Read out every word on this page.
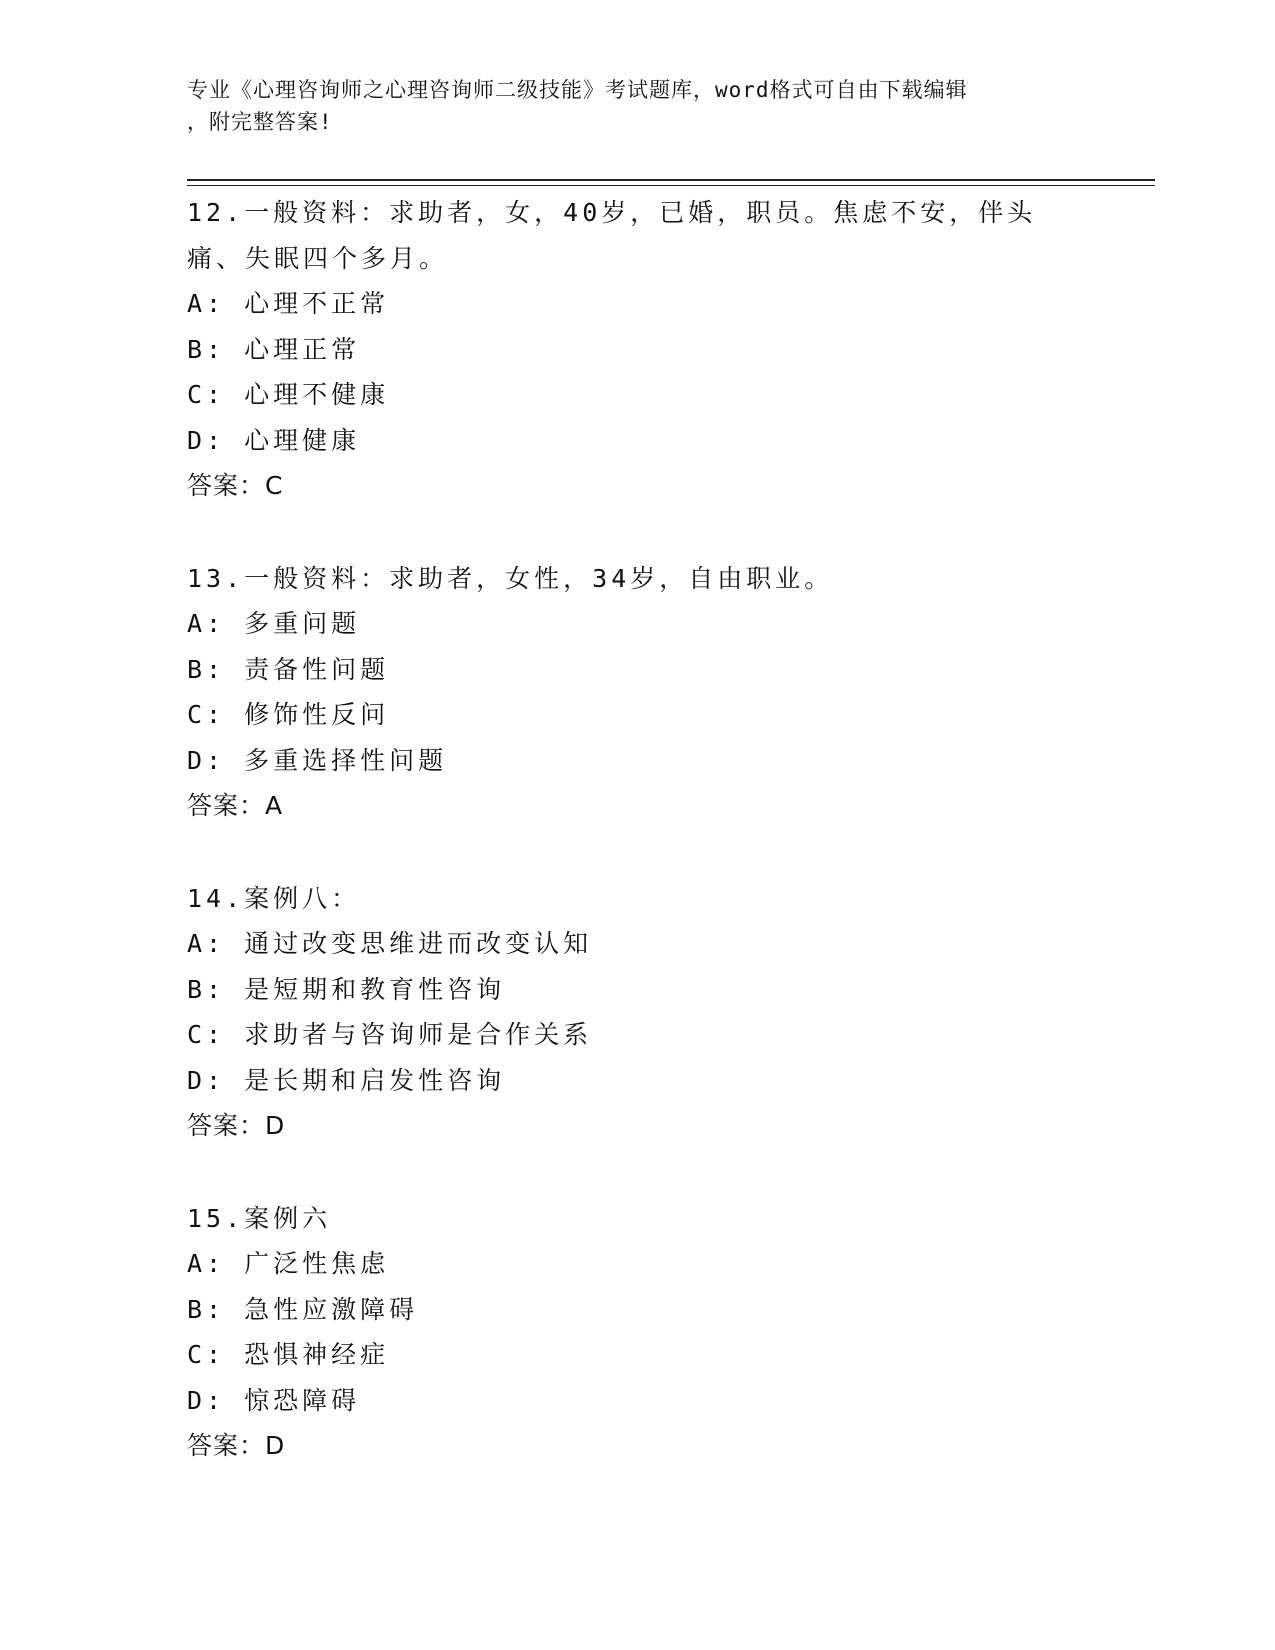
专业《心理咨询师之心理咨询师二级技能》考试题库，word格式可自由下载编辑
，附完整答案!
12.一般资料：求助者，女，40岁，已婚，职员。焦虑不安，伴头痛、失眠四个多月。
A: 心理不正常
B: 心理正常
C: 心理不健康
D: 心理健康
答案：C
13.一般资料：求助者，女性，34岁，自由职业。
A: 多重问题
B: 责备性问题
C: 修饰性反问
D: 多重选择性问题
答案：A
14.案例八：
A: 通过改变思维进而改变认知
B: 是短期和教育性咨询
C: 求助者与咨询师是合作关系
D: 是长期和启发性咨询
答案：D
15.案例六
A: 广泛性焦虑
B: 急性应激障碍
C: 恐惧神经症
D: 惊恐障碍
答案：D
